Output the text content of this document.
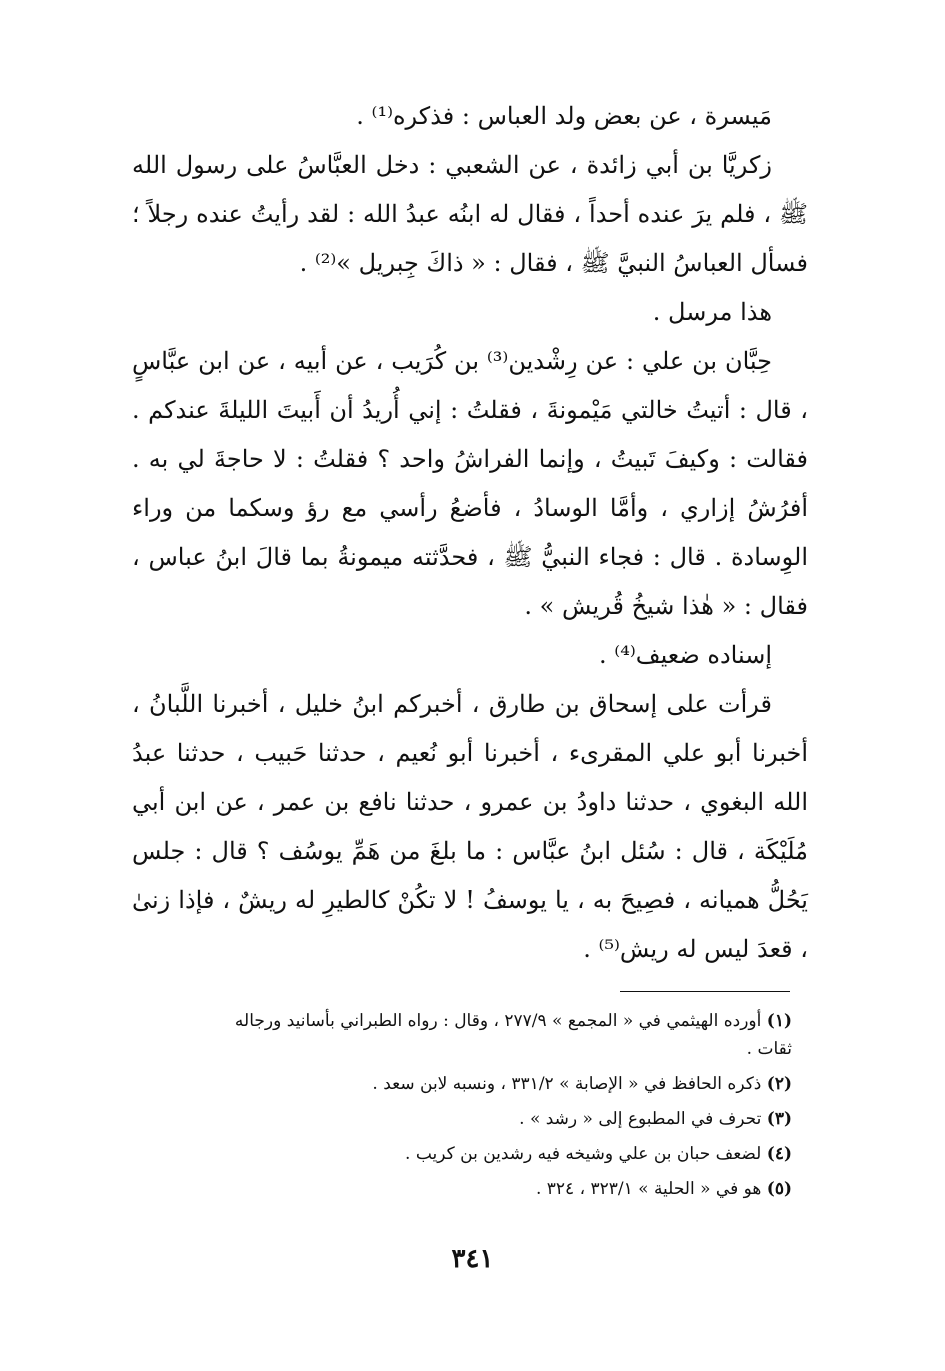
مَيسرة ، عن بعض ولد العباس : فذكره⁽¹⁾ .

زكريَّا بن أبي زائدة ، عن الشعبي : دخل العبَّاسُ على رسول الله ﷺ ، فلم يرَ عنده أحداً ، فقال له ابنُه عبدُ الله : لقد رأيتُ عنده رجلاً ؛ فسأل العباسُ النبيَّ ﷺ ، فقال : « ذاكَ جِبريل »⁽²⁾ .

هذا مرسل .

حِبَّان بن علي : عن رِشْدين⁽³⁾ بن كُرَيب ، عن أبيه ، عن ابن عبَّاسٍ ، قال : أتيتُ خالتي مَيْمونةَ ، فقلتُ : إني أُريدُ أن أَبيتَ الليلةَ عندكم . فقالت : وكيفَ تَبيتُ ، وإنما الفراشُ واحد ؟ فقلتُ : لا حاجةَ لي به . أفرُشُ إزاري ، وأمَّا الوسادُ ، فأضعُ رأسي مع رؤ وسكما من وراء الوِسادة . قال : فجاء النبيُّ ﷺ ، فحدَّثته ميمونةُ بما قالَ ابنُ عباس ، فقال : « هٰذا شيخُ قُريش » .

إسناده ضعيف⁽⁴⁾ .

قرأت على إسحاق بن طارق ، أخبركم ابنُ خليل ، أخبرنا اللَّبانُ ، أخبرنا أبو علي المقرىء ، أخبرنا أبو نُعيم ، حدثنا حَبيب ، حدثنا عبدُ الله البغوي ، حدثنا داودُ بن عمرو ، حدثنا نافع بن عمر ، عن ابن أبي مُلَيْكَة ، قال : سُئل ابنُ عبَّاس : ما بلغَ من هَمِّ يوسُف ؟ قال : جلس يَحُلُّ هميانه ، فصِيحَ به ، يا يوسفُ ! لا تكُنْ كالطيرِ له ريشٌ ، فإذا زنىٰ ، قعدَ ليس له ريش⁽⁵⁾ .

(١) أورده الهيثمي في « المجمع » ٢٧٧/٩ ، وقال : رواه الطبراني بأسانيد ورجاله

ثقات .

(٢) ذكره الحافظ في « الإصابة » ٣٣١/٢ ، ونسبه لابن سعد .

(٣) تحرف في المطبوع إلى « رشد » .

(٤) لضعف حبان بن علي وشيخه فيه رشدين بن كريب .

(٥) هو في « الحلية » ٣٢٣/١ ، ٣٢٤ .

٣٤١
